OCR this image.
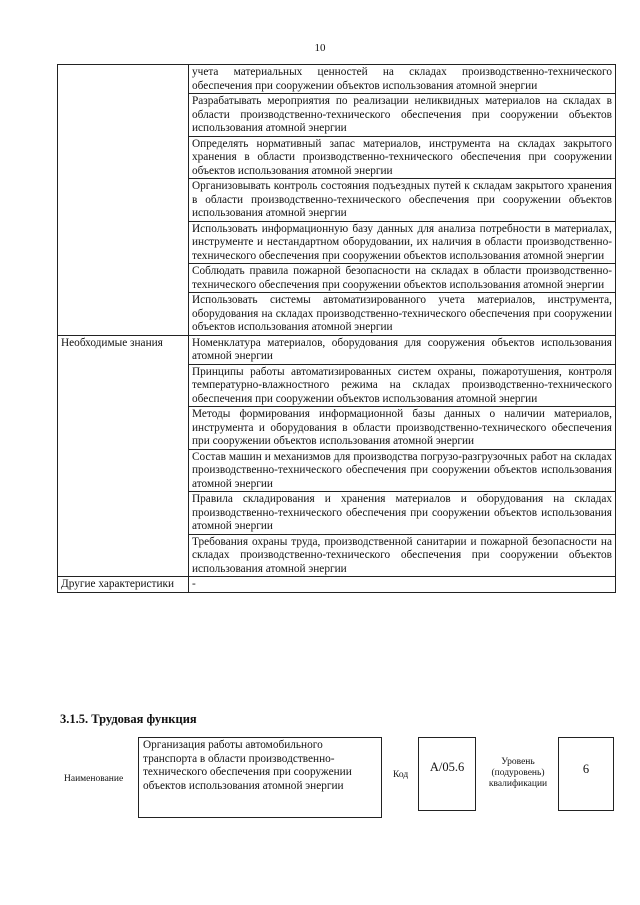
10
	учета материальных ценностей на складах производственно-технического обеспечения при сооружении объектов использования атомной энергии
	Разрабатывать мероприятия по реализации неликвидных материалов на складах в области производственно-технического обеспечения при сооружении объектов использования атомной энергии
	Определять нормативный запас материалов, инструмента на складах закрытого хранения в области производственно-технического обеспечения при сооружении объектов использования атомной энергии
	Организовывать контроль состояния подъездных путей к складам закрытого хранения в области производственно-технического обеспечения при сооружении объектов использования атомной энергии
	Использовать информационную базу данных для анализа потребности в материалах, инструменте и нестандартном оборудовании, их наличия в области производственно-технического обеспечения при сооружении объектов использования атомной энергии
	Соблюдать правила пожарной безопасности на складах в области производственно-технического обеспечения при сооружении объектов использования атомной энергии
	Использовать системы автоматизированного учета материалов, инструмента, оборудования на складах производственно-технического обеспечения при сооружении объектов использования атомной энергии
Необходимые знания	Номенклатура материалов, оборудования для сооружения объектов использования атомной энергии
	Принципы работы автоматизированных систем охраны, пожаротушения, контроля температурно-влажностного режима на складах производственно-технического обеспечения при сооружении объектов использования атомной энергии
	Методы формирования информационной базы данных о наличии материалов, инструмента и оборудования в области производственно-технического обеспечения при сооружении объектов использования атомной энергии
	Состав машин и механизмов для производства погрузо-разгрузочных работ на складах производственно-технического обеспечения при сооружении объектов использования атомной энергии
	Правила складирования и хранения материалов и оборудования на складах производственно-технического обеспечения при сооружении объектов использования атомной энергии
	Требования охраны труда, производственной санитарии и пожарной безопасности на складах производственно-технического обеспечения при сооружении объектов использования атомной энергии
Другие характеристики	-
3.1.5. Трудовая функция
Наименование
Организация работы автомобильного транспорта в области производственно-технического обеспечения при сооружении объектов использования атомной энергии
Код
A/05.6	Уровень (подуровень) квалификации
6
